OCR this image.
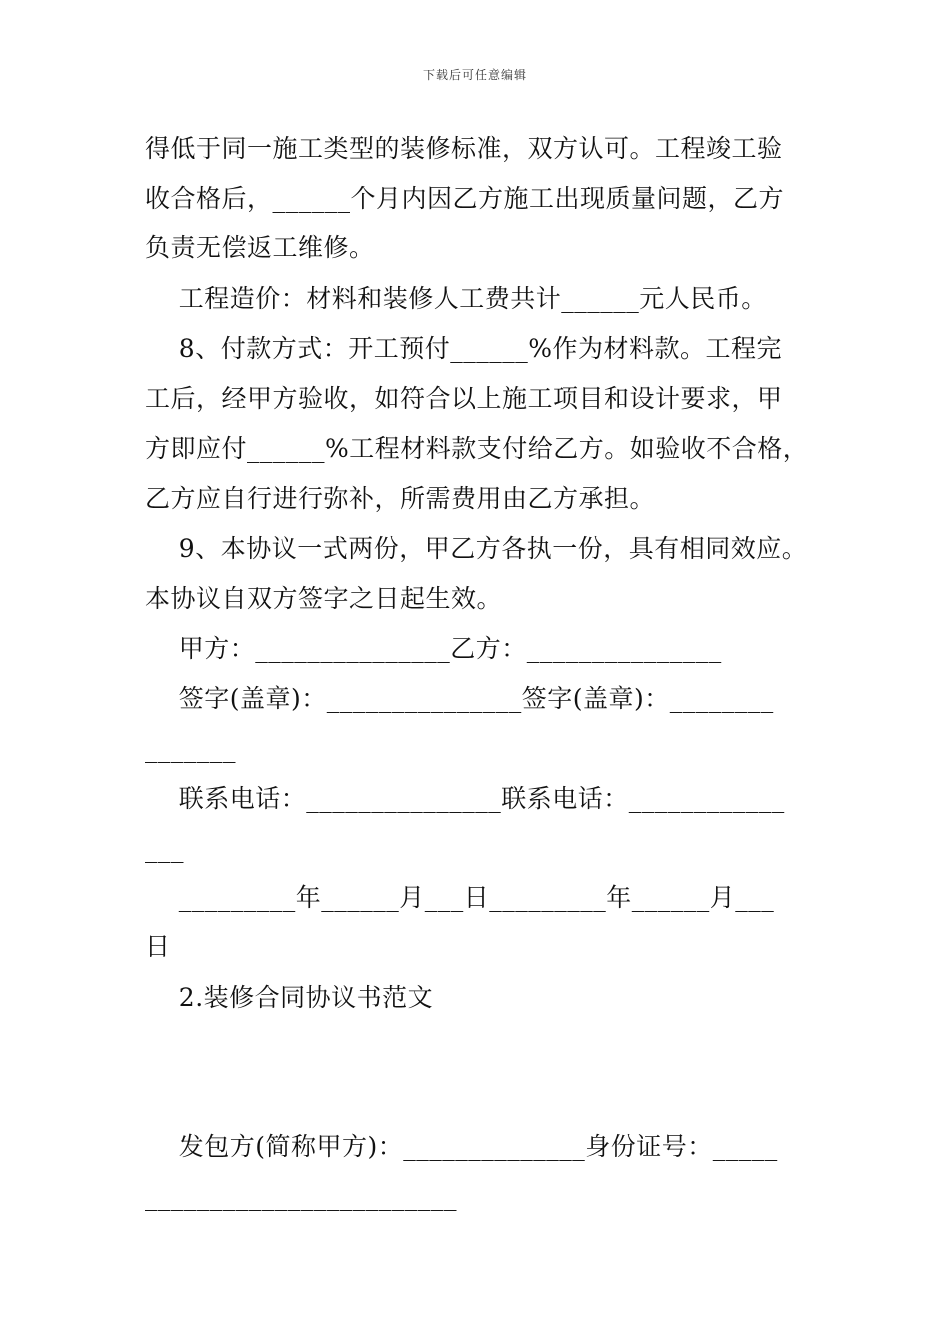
下载后可任意编辑
得低于同一施工类型的装修标准，双方认可。工程竣工验
收合格后，______个月内因乙方施工出现质量问题，乙方
负责无偿返工维修。
工程造价：材料和装修人工费共计______元人民币。
8、付款方式：开工预付______%作为材料款。工程完
工后，经甲方验收，如符合以上施工项目和设计要求，甲
方即应付______%工程材料款支付给乙方。如验收不合格，
乙方应自行进行弥补，所需费用由乙方承担。
9、本协议一式两份，甲乙方各执一份，具有相同效应。
本协议自双方签字之日起生效。
甲方：_______________乙方：_______________
签字(盖章)：_______________签字(盖章)：________
_______
联系电话：_______________联系电话：____________
___
_________年______月___日_________年______月___
日
2.装修合同协议书范文
发包方(简称甲方)：______________身份证号：_____
________________________
